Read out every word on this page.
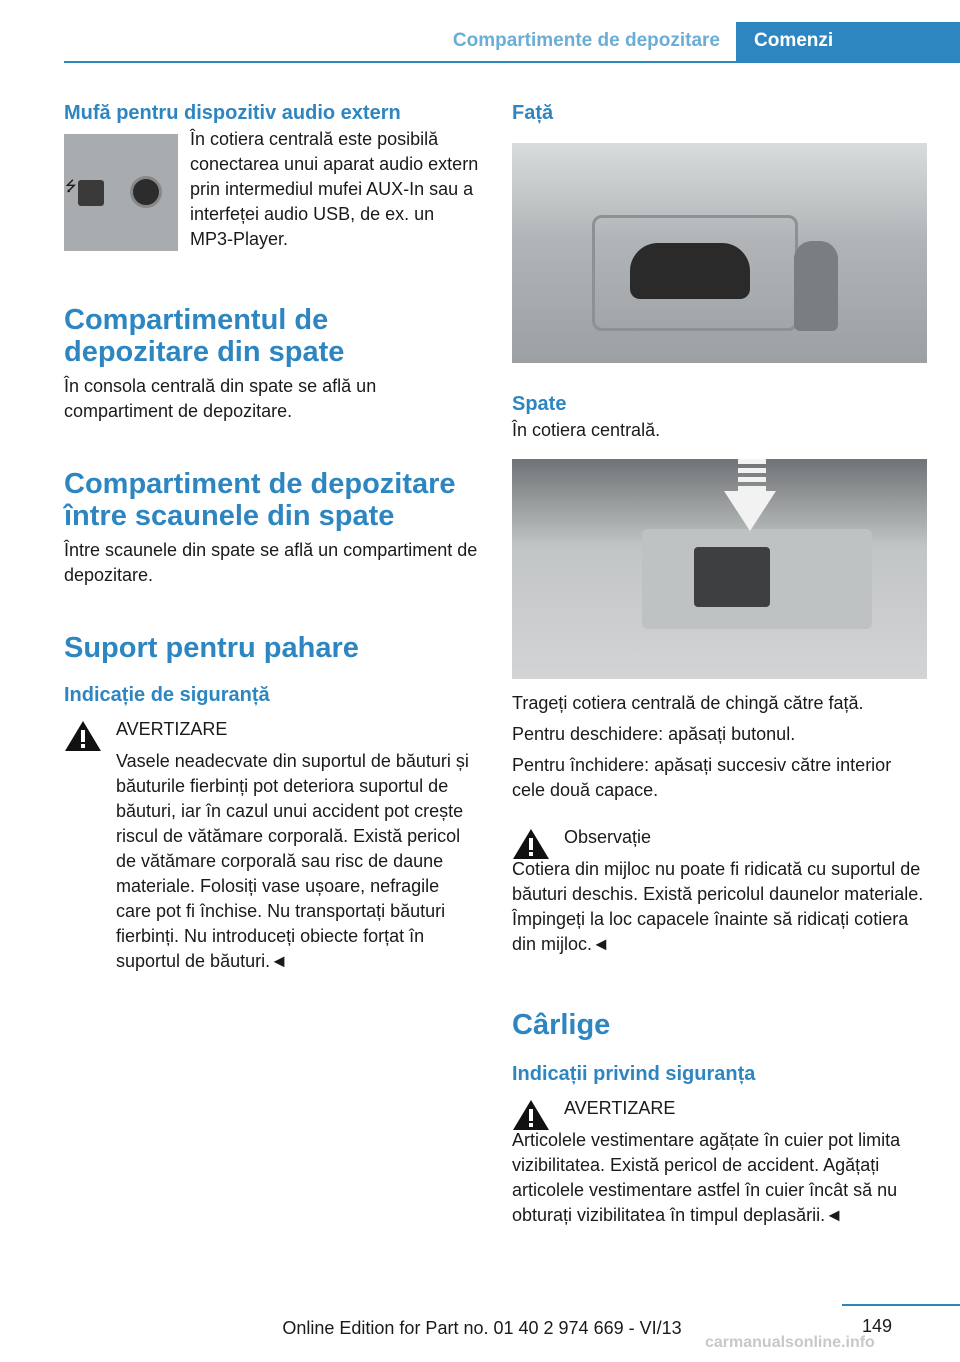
Compartimente de depozitare	Comenzi
Mufă pentru dispozitiv audio extern
⭍

În cotiera centrală este posibilă conectarea unui aparat audio extern prin intermediul mufei AUX-In sau a interfeței audio USB, de ex. un MP3-Player.

Compartimentul de depozitare din spate

În consola centrală din spate se află un compartiment de depozitare.

Compartiment de depozitare între scaunele din spate

Între scaunele din spate se află un compartiment de depozitare.

Suport pentru pahare
Indicație de siguranță

AVERTIZARE

Vasele neadecvate din suportul de băuturi și băuturile fierbinți pot deteriora suportul de băuturi, iar în cazul unui accident pot crește riscul de vătămare corporală. Există pericol de vătămare corporală sau risc de daune materiale. Folosiți vase ușoare, nefragile care pot fi închise. Nu transportați băuturi fierbinți. Nu introduceți obiecte forțat în suportul de băuturi.◄

Față
Spate

În cotiera centrală.

Trageți cotiera centrală de chingă către față.

Pentru deschidere: apăsați butonul.

Pentru închidere: apăsați succesiv către interior cele două capace.

Observație

Cotiera din mijloc nu poate fi ridicată cu suportul de băuturi deschis. Există pericolul daunelor materiale. Împingeți la loc capacele înainte să ridicați cotiera din mijloc.◄

Cârlige
Indicații privind siguranța

AVERTIZARE

Articolele vestimentare agățate în cuier pot limita vizibilitatea. Există pericol de accident. Agățați articolele vestimentare astfel în cuier încât să nu obturați vizibilitatea în timpul deplasării.◄

Online Edition for Part no. 01 40 2 974 669 - VI/13	149
carmanualsonline.info
